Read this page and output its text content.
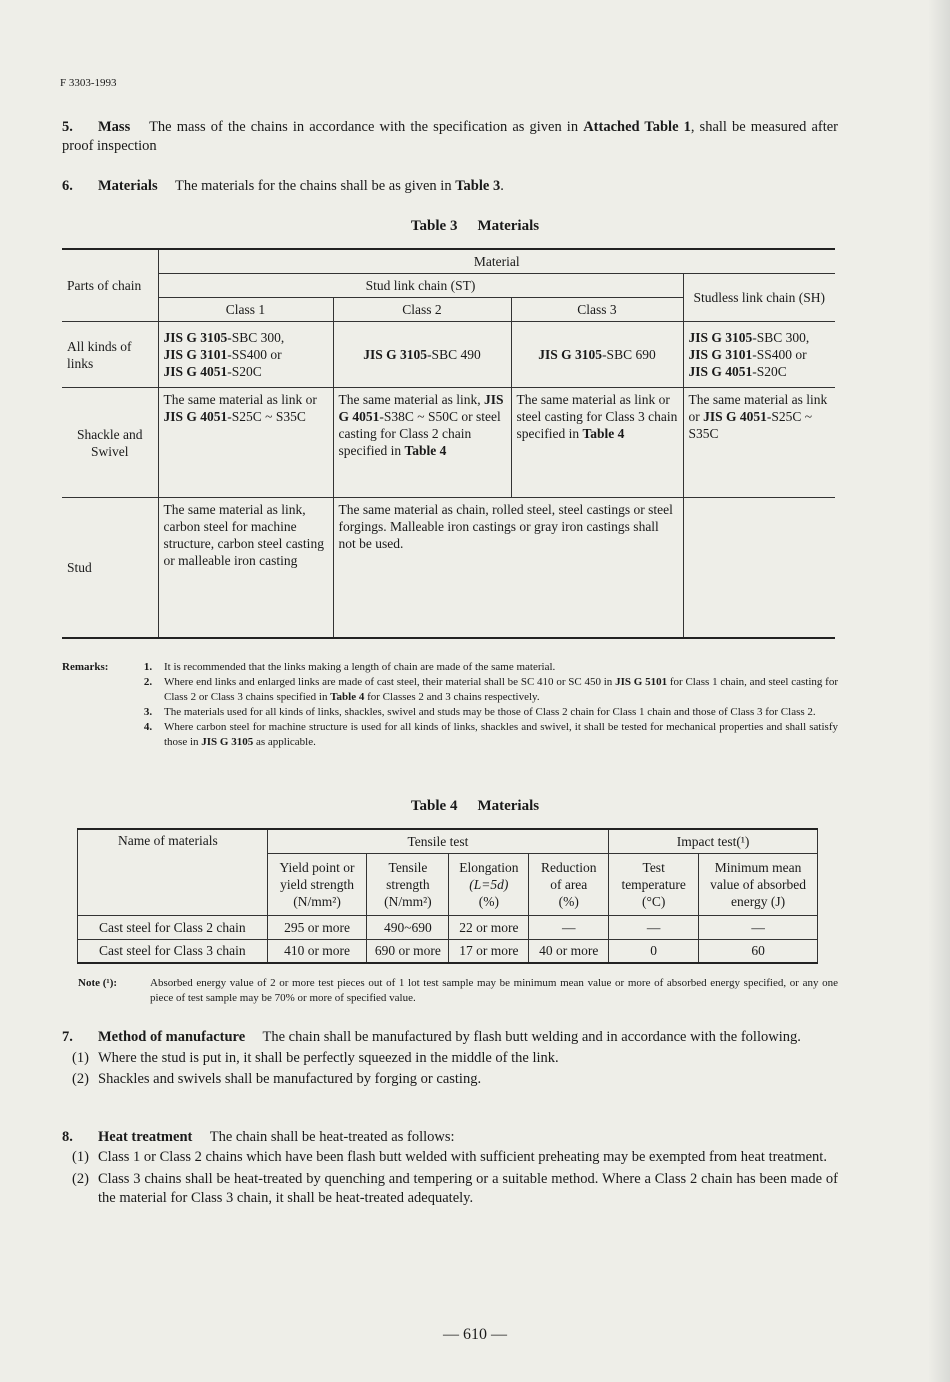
F 3303-1993
5. Mass The mass of the chains in accordance with the specification as given in Attached Table 1, shall be measured after proof inspection
6. Materials The materials for the chains shall be as given in Table 3.
Table 3 Materials
Parts of chain	Material			
	Stud link chain (ST)			Studless link chain (SH)
	Class 1	Class 2	Class 3	
All kinds of links	JIS G 3105-SBC 300,
JIS G 3101-SS400 or
JIS G 4051-S20C	JIS G 3105-SBC 490	JIS G 3105-SBC 690	JIS G 3105-SBC 300,
JIS G 3101-SS400 or
JIS G 4051-S20C
Shackle and Swivel	The same material as link or JIS G 4051-S25C ~ S35C	The same material as link, JIS G 4051-S38C ~ S50C or steel casting for Class 2 chain specified in Table 4	The same material as link or steel casting for Class 3 chain specified in Table 4	The same material as link or JIS G 4051-S25C ~ S35C
Stud	The same material as link, carbon steel for machine structure, carbon steel casting or malleable iron casting	The same material as chain, rolled steel, steel castings or steel forgings. Malleable iron castings or gray iron castings shall not be used.		
Remarks:	1.	It is recommended that the links making a length of chain are made of the same material.
2.	Where end links and enlarged links are made of cast steel, their material shall be SC 410 or SC 450 in JIS G 5101 for Class 1 chain, and steel casting for Class 2 or Class 3 chains specified in Table 4 for Classes 2 and 3 chains respectively.
3.	The materials used for all kinds of links, shackles, swivel and studs may be those of Class 2 chain for Class 1 chain and those of Class 3 for Class 2.
4.	Where carbon steel for machine structure is used for all kinds of links, shackles and swivel, it shall be tested for mechanical properties and shall satisfy those in JIS G 3105 as applicable.
Table 4 Materials
Name of materials	Tensile test				Impact test(¹)	
	Yield point or
yield strength
(N/mm²)	Tensile
strength
(N/mm²)	Elongation
(L=5d)
(%)	Reduction
of area
(%)	Test
temperature
(°C)	Minimum mean
value of absorbed
energy (J)
Cast steel for Class 2 chain	295 or more	490~690	22 or more	—	—	—
Cast steel for Class 3 chain	410 or more	690 or more	17 or more	40 or more	0	60
Note (¹):	Absorbed energy value of 2 or more test pieces out of 1 lot test sample may be minimum mean value or more of absorbed energy specified, or any one piece of test sample may be 70% or more of specified value.
7. Method of manufacture The chain shall be manufactured by flash butt welding and in accordance with the following.
(1) Where the stud is put in, it shall be perfectly squeezed in the middle of the link.
(2) Shackles and swivels shall be manufactured by forging or casting.
8. Heat treatment The chain shall be heat-treated as follows:
(1) Class 1 or Class 2 chains which have been flash butt welded with sufficient preheating may be exempted from heat treatment.
(2) Class 3 chains shall be heat-treated by quenching and tempering or a suitable method. Where a Class 2 chain has been made of the material for Class 3 chain, it shall be heat-treated adequately.
— 610 —
